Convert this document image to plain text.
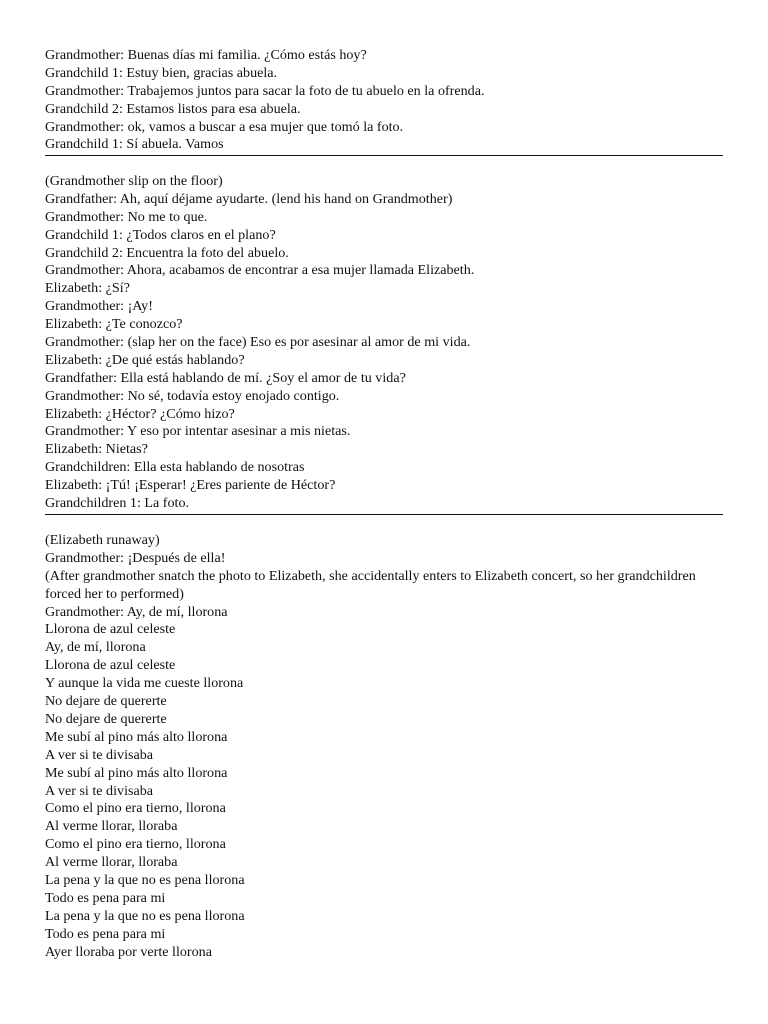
Grandmother: Buenas días mi familia. ¿Cómo estás hoy?
Grandchild 1: Estuy bien, gracias abuela.
Grandmother: Trabajemos juntos para sacar la foto de tu abuelo en la ofrenda.
Grandchild 2: Estamos listos para esa abuela.
Grandmother: ok, vamos a buscar a esa mujer que tomó la foto.
Grandchild 1: Sí abuela. Vamos
(Grandmother slip on the floor)
Grandfather: Ah, aquí déjame ayudarte. (lend his hand on Grandmother)
Grandmother: No me to que.
Grandchild 1: ¿Todos claros en el plano?
Grandchild 2: Encuentra la foto del abuelo.
Grandmother: Ahora, acabamos de encontrar a esa mujer llamada Elizabeth.
Elizabeth: ¿Sí?
Grandmother: ¡Ay!
Elizabeth: ¿Te conozco?
Grandmother: (slap her on the face) Eso es por asesinar al amor de mi vida.
Elizabeth: ¿De qué estás hablando?
Grandfather: Ella está hablando de mí. ¿Soy el amor de tu vida?
Grandmother: No sé, todavía estoy enojado contigo.
Elizabeth: ¿Héctor? ¿Cómo hizo?
Grandmother: Y eso por intentar asesinar a mis nietas.
Elizabeth: Nietas?
Grandchildren: Ella esta hablando de nosotras
Elizabeth: ¡Tú! ¡Esperar! ¿Eres pariente de Héctor?
Grandchildren 1: La foto.
(Elizabeth runaway)
Grandmother: ¡Después de ella!
(After grandmother snatch the photo to Elizabeth, she accidentally enters to Elizabeth concert, so her grandchildren forced her to performed)
Grandmother: Ay, de mí, llorona
Llorona de azul celeste
Ay, de mí, llorona
Llorona de azul celeste
Y aunque la vida me cueste llorona
No dejare de quererte
No dejare de quererte
Me subí al pino más alto llorona
A ver si te divisaba
Me subí al pino más alto llorona
A ver si te divisaba
Como el pino era tierno, llorona
Al verme llorar, lloraba
Como el pino era tierno, llorona
Al verme llorar, lloraba
La pena y la que no es pena llorona
Todo es pena para mi
La pena y la que no es pena llorona
Todo es pena para mi
Ayer lloraba por verte llorona
